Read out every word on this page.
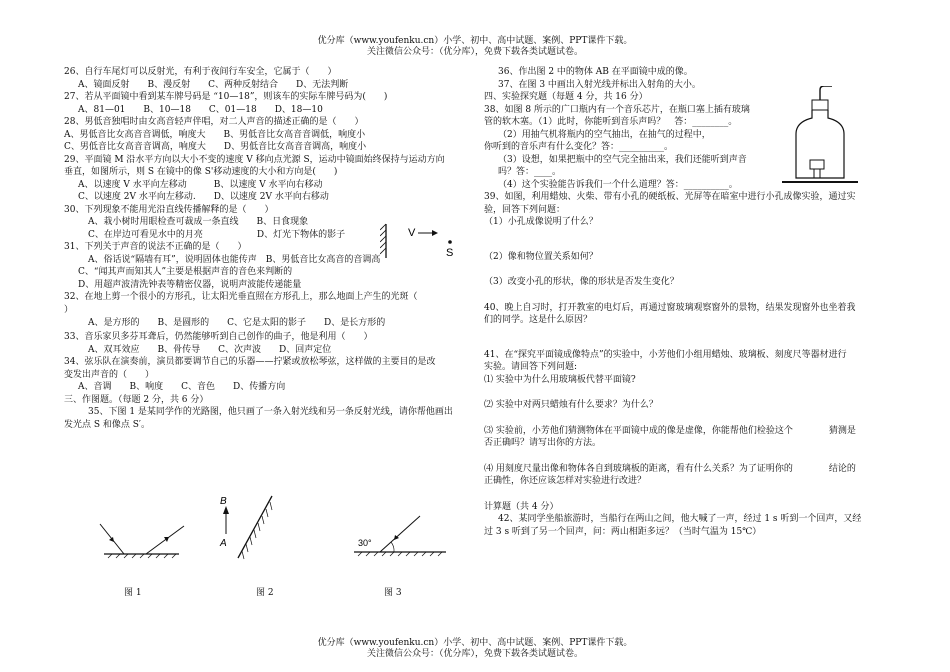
优分库（www.youfenku.cn）小学、初中、高中试题、案例、PPT课件下载。
关注微信公众号：（优分库），免费下载各类试题试卷。
26、自行车尾灯可以反射光，有利于夜间行车安全，它属于（　　）
A、镜面反射　　B、漫反射　　C、两种反射结合　　D、无法判断
27、若从平面镜中看到某车牌号码是 “10—18”，则该车的实际车牌号码为(　　)
A、81—01　　B、10—18　　C、01—18　　D、18—10
28、男低音独唱时由女高音轻声伴唱，对二人声音的描述正确的是（　　）
A、男低音比女高音音调低，响度大　　B、男低音比女高音音调低，响度小
C、男低音比女高音音调高，响度大　　D、男低音比女高音音调高，响度小
29、平面镜 M 沿水平方向以大小不变的速度 V 移向点光源 S，运动中镜面始终保持与运动方向
垂直，如图所示，则 S 在镜中的像 S'移动速度的大小和方向是(　　)
A、以速度 V 水平向左移动　　　B、以速度 V 水平向右移动
C、以速度 2V 水平向左移动.　　D、以速度 2V 水平向右移动
30、下列现象不能用光沿直线传播解释的是（　　）
A、栽小树时用眼检查可裁成一条直线　　B、日食现象
C、在岸边可看见水中的月亮　　　　　　D、灯光下物体的影子
31、下列关于声音的说法不正确的是（　　）
A、俗话说“隔墙有耳”，说明固体也能传声　B、男低音比女高音的音调高
C、“闻其声而知其人”主要是根据声音的音色来判断的
D、用超声波清洗钟表等精密仪器，说明声波能传递能量
32、在地上剪一个很小的方形孔，让太阳光垂直照在方形孔上，那么地面上产生的光斑（
）
A、是方形的　　B、是圆形的　　C、它是太阳的影子　　D、是长方形的
33、音乐家贝多芬耳聋后，仍然能够听到自己创作的曲子，他是利用（　　）
A、双耳效应　　B、骨传导　　C、次声波　　D、回声定位
34、弦乐队在演奏前，演员都要调节自己的乐器——拧紧或放松琴弦，这样做的主要目的是改
变发出声音的（　　）
A、音调　　B、响度　　C、音色　　D、传播方向
三、作图题。（每题 2 分，共 6 分）
35、下图 1 是某同学作的光路图，他只画了一条入射光线和另一条反射光线，请你帮他画出
发光点 S 和像点 S′。
V
S
B
A	30°
图 1	图 2	图 3
36、作出图 2 中的物体 AB 在平面镜中成的像。
37、在图 3 中画出入射光线并标出入射角的大小。
四、实验探究题（每题 4 分，共 16 分）
38、如图 8 所示的广口瓶内有一个音乐芯片，在瓶口塞上插有玻璃
管的软木塞。（1）此时，你能听到音乐声吗？　答：________。
（2）用抽气机将瓶内的空气抽出，在抽气的过程中，
你听到的音乐声有什么变化？答：__________。
（3）设想，如果把瓶中的空气完全抽出来，我们还能听到声音
吗？答：____。
（4）这个实验能告诉我们一个什么道理？答：__________。
39、如图，利用蜡烛、火柴、带有小孔的硬纸板、光屏等在暗室中进行小孔成像实验，通过实
验，回答下列问题：
（1）小孔成像说明了什么？
（2）像和物位置关系如何？
（3）改变小孔的形状，像的形状是否发生变化？
40、晚上自习时，打开教室的电灯后，再通过窗玻璃观察窗外的景物，结果发现窗外也坐着我
们的同学。这是什么原因？
41、在“探究平面镜成像特点”的实验中，小芳他们小组用蜡烛、玻璃板、刻度尺等器材进行
实验。请回答下列问题:
⑴ 实验中为什么用玻璃板代替平面镜?
⑵ 实验中对两只蜡烛有什么要求？为什么？
⑶ 实验前，小芳他们猜测物体在平面镜中成的像是虚像，你能帮他们检验这个　　　　猜测是
否正确吗？请写出你的方法。
⑷ 用刻度尺量出像和物体各自到玻璃板的距离，看有什么关系？为了证明你的　　　　结论的
正确性，你还应该怎样对实验进行改进？
计算题（共 4 分）
42、某同学坐船旅游时，当船行在两山之间，他大喊了一声，经过 1 s 听到一个回声，又经
过 3 s 听到了另一个回声，问：两山相距多远？（当时气温为 15℃）
优分库（www.youfenku.cn）小学、初中、高中试题、案例、PPT课件下载。
关注微信公众号：（优分库），免费下载各类试题试卷。
